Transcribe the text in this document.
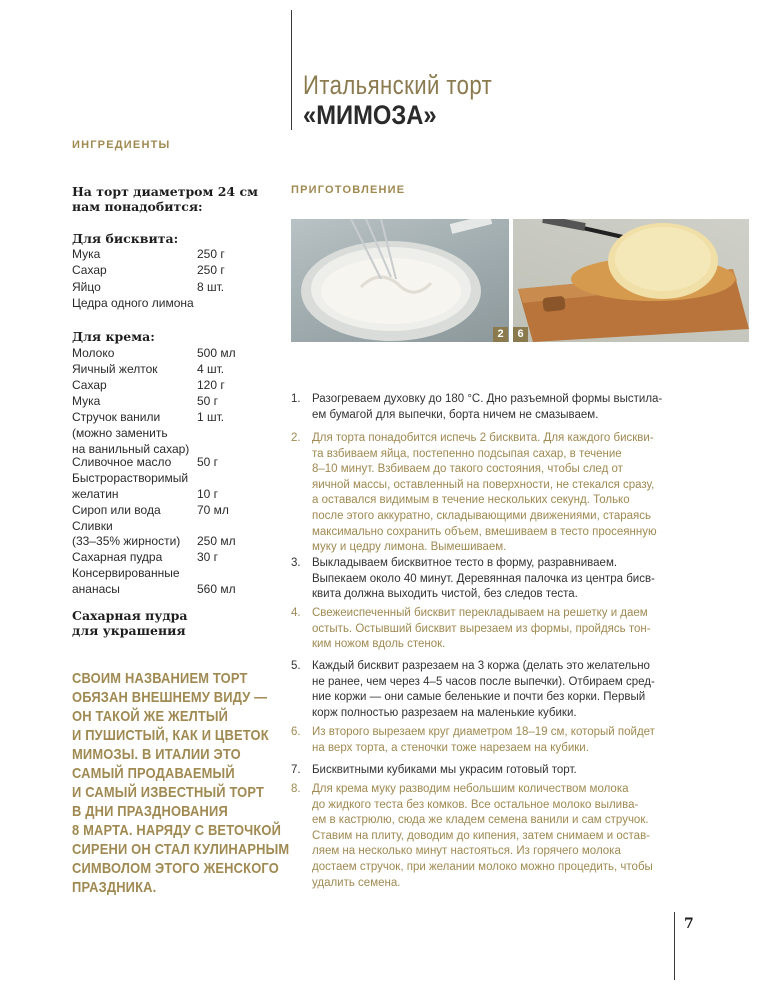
Итальянский торт
«МИМОЗА»
ИНГРЕДИЕНТЫ
ПРИГОТОВЛЕНИЕ
На торт диаметром 24 см
нам понадобится:
Для бисквита:
Мука	250 г
Сахар	250 г
Яйцо	8 шт.
Цедра одного лимона
Для крема:
Молоко	500 мл
Яичный желток	4 шт.
Сахар	120 г
Мука	50 г
Стручок ванили	1 шт.
(можно заменить
на ванильный сахар)
Сливочное масло 50 г
Быстрорастворимый
желатин	10 г
Сироп или вода	70 мл
Сливки
(33–35% жирности) 250 мл
Сахарная пудра	30 г
Консервированные
ананасы	560 мл
Сахарная пудра
для украшения
СВОИМ НАЗВАНИЕМ ТОРТ
ОБЯЗАН ВНЕШНЕМУ ВИДУ —
ОН ТАКОЙ ЖЕ ЖЕЛТЫЙ
И ПУШИСТЫЙ, КАК И ЦВЕТОК
МИМОЗЫ. В ИТАЛИИ ЭТО
САМЫЙ ПРОДАВАЕМЫЙ
И САМЫЙ ИЗВЕСТНЫЙ ТОРТ
В ДНИ ПРАЗДНОВАНИЯ
8 МАРТА. НАРЯДУ С ВЕТОЧКОЙ
СИРЕНИ ОН СТАЛ КУЛИНАРНЫМ
СИМВОЛОМ ЭТОГО ЖЕНСКОГО
ПРАЗДНИКА.
2	6
1. Разогреваем духовку до 180 °С. Дно разъемной формы выстила-
ем бумагой для выпечки, борта ничем не смазываем.
2. Для торта понадобится испечь 2 бисквита. Для каждого бискви-
та взбиваем яйца, постепенно подсыпая сахар, в течение
8–10 минут. Взбиваем до такого состояния, чтобы след от
яичной массы, оставленный на поверхности, не стекался сразу,
а оставался видимым в течение нескольких секунд. Только
после этого аккуратно, складывающими движениями, стараясь
максимально сохранить объем, вмешиваем в тесто просеянную
муку и цедру лимона. Вымешиваем.
3. Выкладываем бисквитное тесто в форму, разравниваем.
Выпекаем около 40 минут. Деревянная палочка из центра бисв-
квита должна выходить чистой, без следов теста.
4. Свежеиспеченный бисквит перекладываем на решетку и даем
остыть. Остывший бисквит вырезаем из формы, пройдясь тон-
ким ножом вдоль стенок.
5. Каждый бисквит разрезаем на 3 коржа (делать это желательно
не ранее, чем через 4–5 часов после выпечки). Отбираем сред-
ние коржи — они самые беленькие и почти без корки. Первый
корж полностью разрезаем на маленькие кубики.
6. Из второго вырезаем круг диаметром 18–19 см, который пойдет
на верх торта, а стеночки тоже нарезаем на кубики.
7. Бисквитными кубиками мы украсим готовый торт.
8. Для крема муку разводим небольшим количеством молока
до жидкого теста без комков. Все остальное молоко вылива-
ем в кастрюлю, сюда же кладем семена ванили и сам стручок.
Ставим на плиту, доводим до кипения, затем снимаем и остав-
ляем на несколько минут настояться. Из горячего молока
достаем стручок, при желании молоко можно процедить, чтобы
удалить семена.
7
